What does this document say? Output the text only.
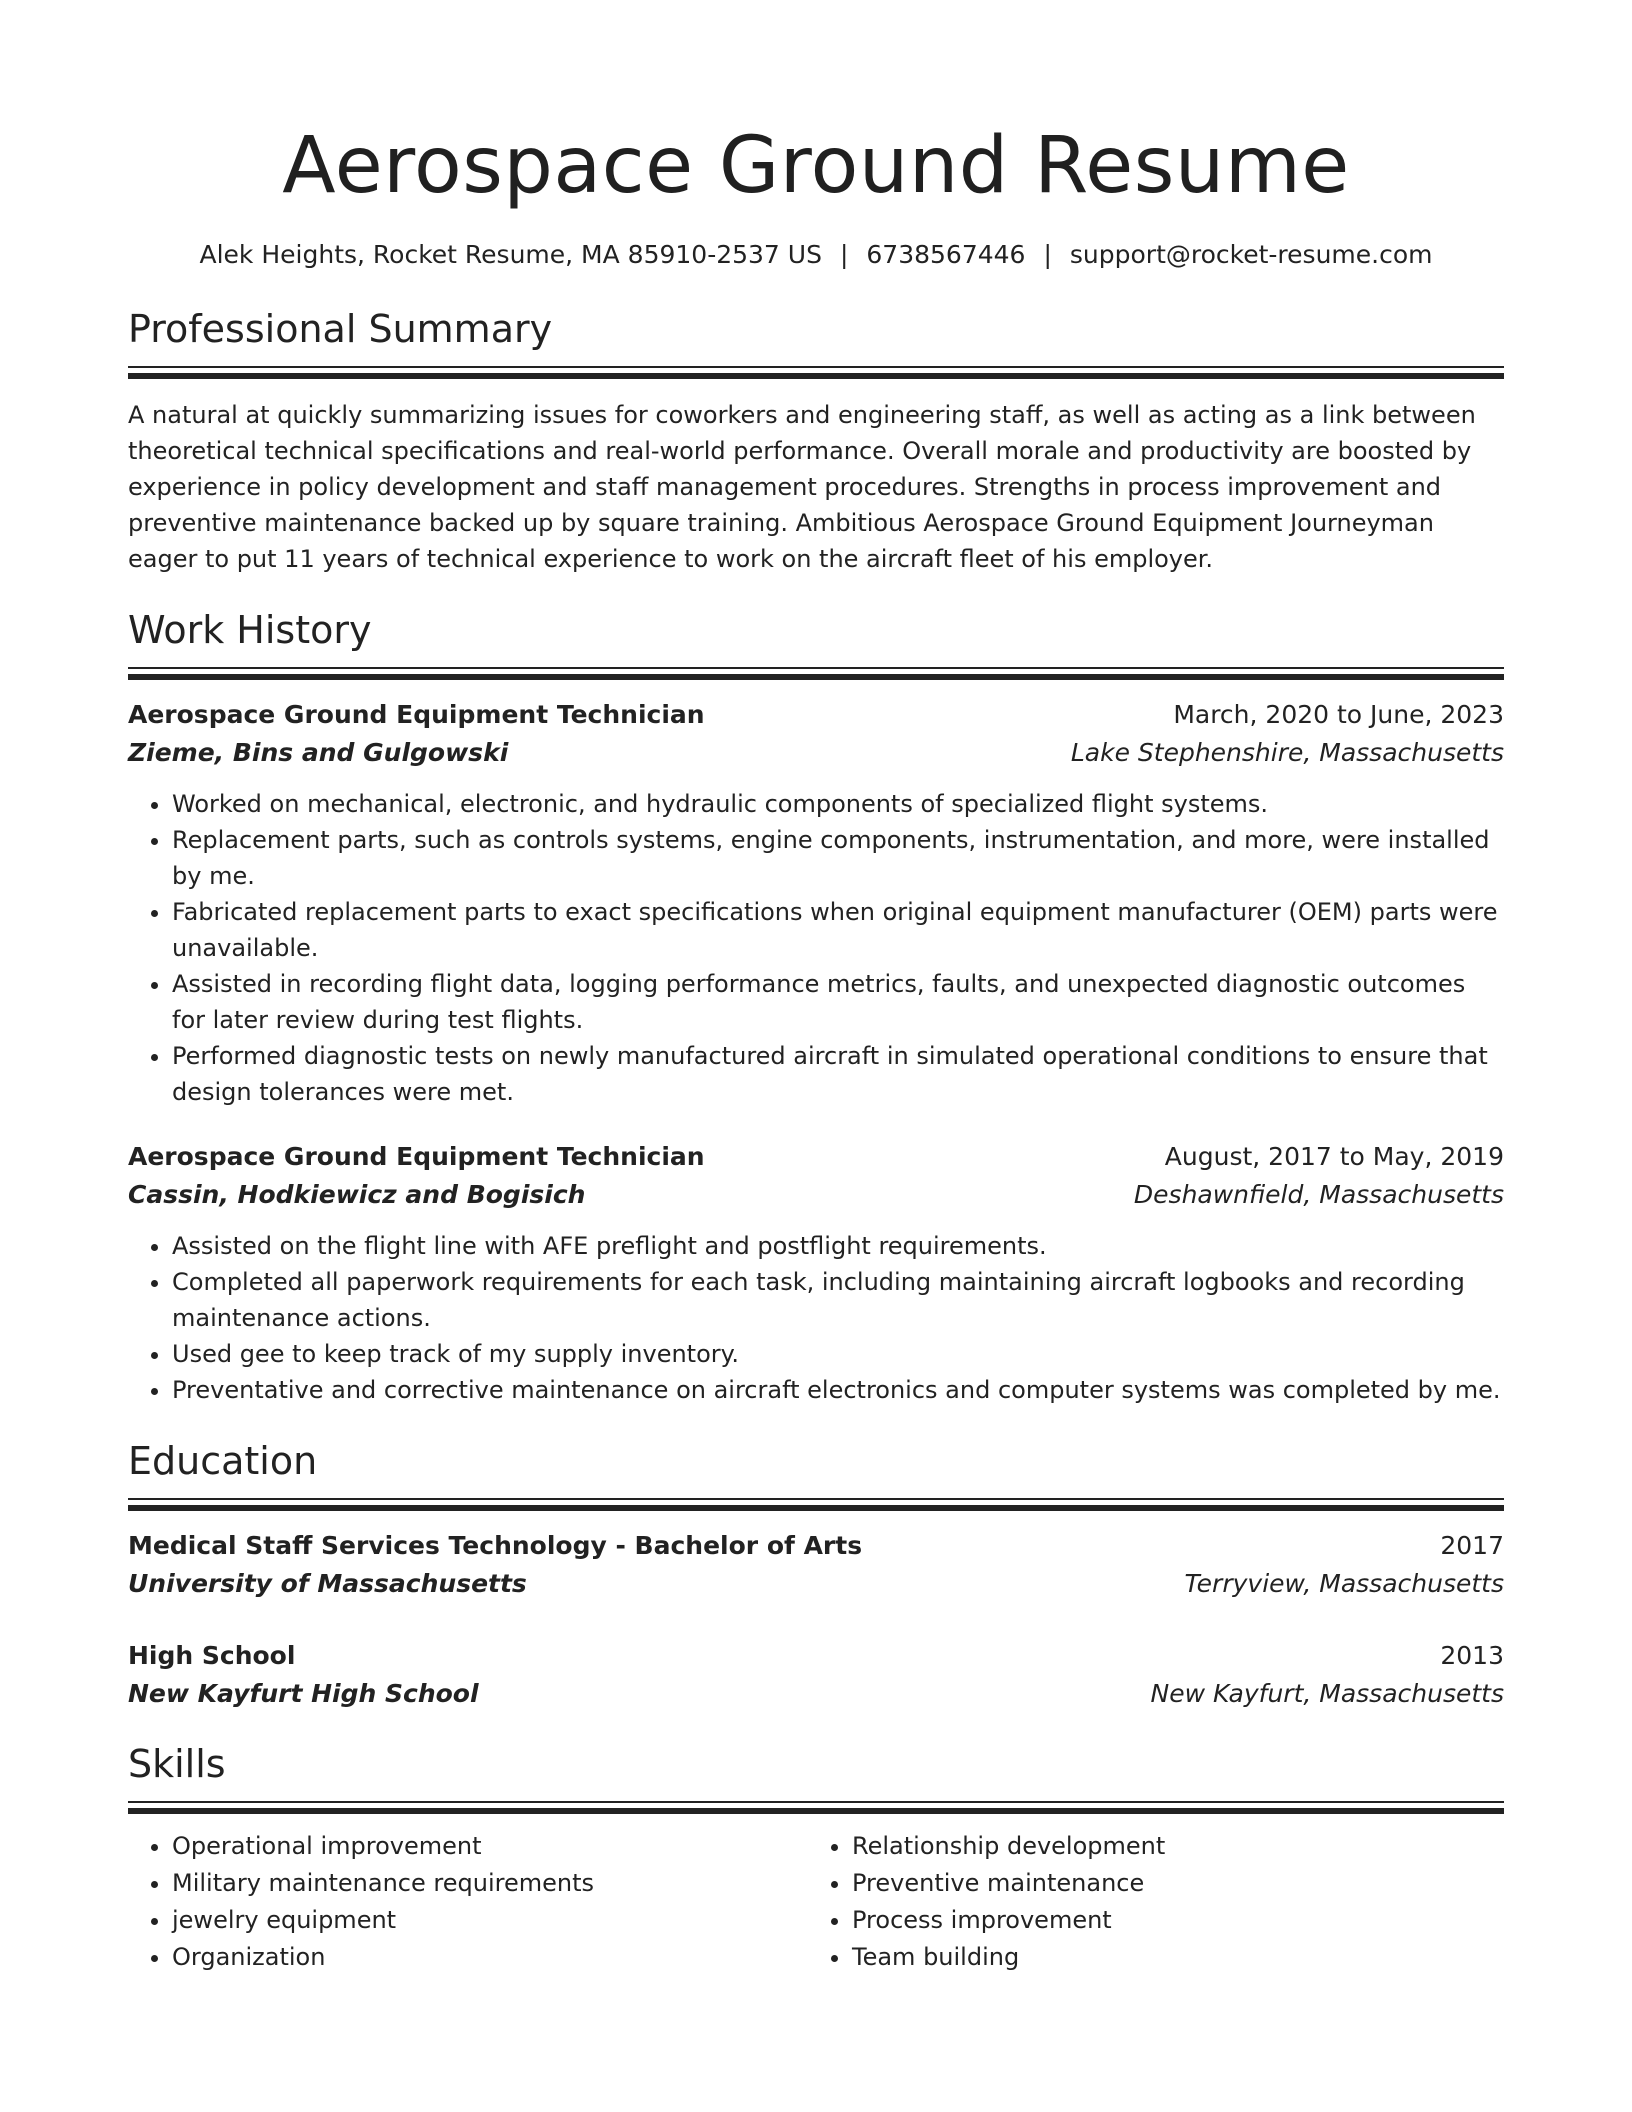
Aerospace Ground Resume
Alek Heights, Rocket Resume, MA 85910-2537 US | 6738567446 | support@rocket-resume.com
Professional Summary
A natural at quickly summarizing issues for coworkers and engineering staff, as well as acting as a link between theoretical technical specifications and real-world performance. Overall morale and productivity are boosted by experience in policy development and staff management procedures. Strengths in process improvement and preventive maintenance backed up by square training. Ambitious Aerospace Ground Equipment Journeyman eager to put 11 years of technical experience to work on the aircraft fleet of his employer.
Work History
Aerospace Ground Equipment Technician	March, 2020 to June, 2023
Zieme, Bins and Gulgowski	Lake Stephenshire, Massachusetts
• Worked on mechanical, electronic, and hydraulic components of specialized flight systems.
• Replacement parts, such as controls systems, engine components, instrumentation, and more, were installed by me.
• Fabricated replacement parts to exact specifications when original equipment manufacturer (OEM) parts were unavailable.
• Assisted in recording flight data, logging performance metrics, faults, and unexpected diagnostic outcomes for later review during test flights.
• Performed diagnostic tests on newly manufactured aircraft in simulated operational conditions to ensure that design tolerances were met.
Aerospace Ground Equipment Technician	August, 2017 to May, 2019
Cassin, Hodkiewicz and Bogisich	Deshawnfield, Massachusetts
• Assisted on the flight line with AFE preflight and postflight requirements.
• Completed all paperwork requirements for each task, including maintaining aircraft logbooks and recording maintenance actions.
• Used gee to keep track of my supply inventory.
• Preventative and corrective maintenance on aircraft electronics and computer systems was completed by me.
Education
Medical Staff Services Technology - Bachelor of Arts	2017
University of Massachusetts	Terryview, Massachusetts
High School	2013
New Kayfurt High School	New Kayfurt, Massachusetts
Skills
• Operational improvement
• Military maintenance requirements
• jewelry equipment
• Organization
• Relationship development
• Preventive maintenance
• Process improvement
• Team building
